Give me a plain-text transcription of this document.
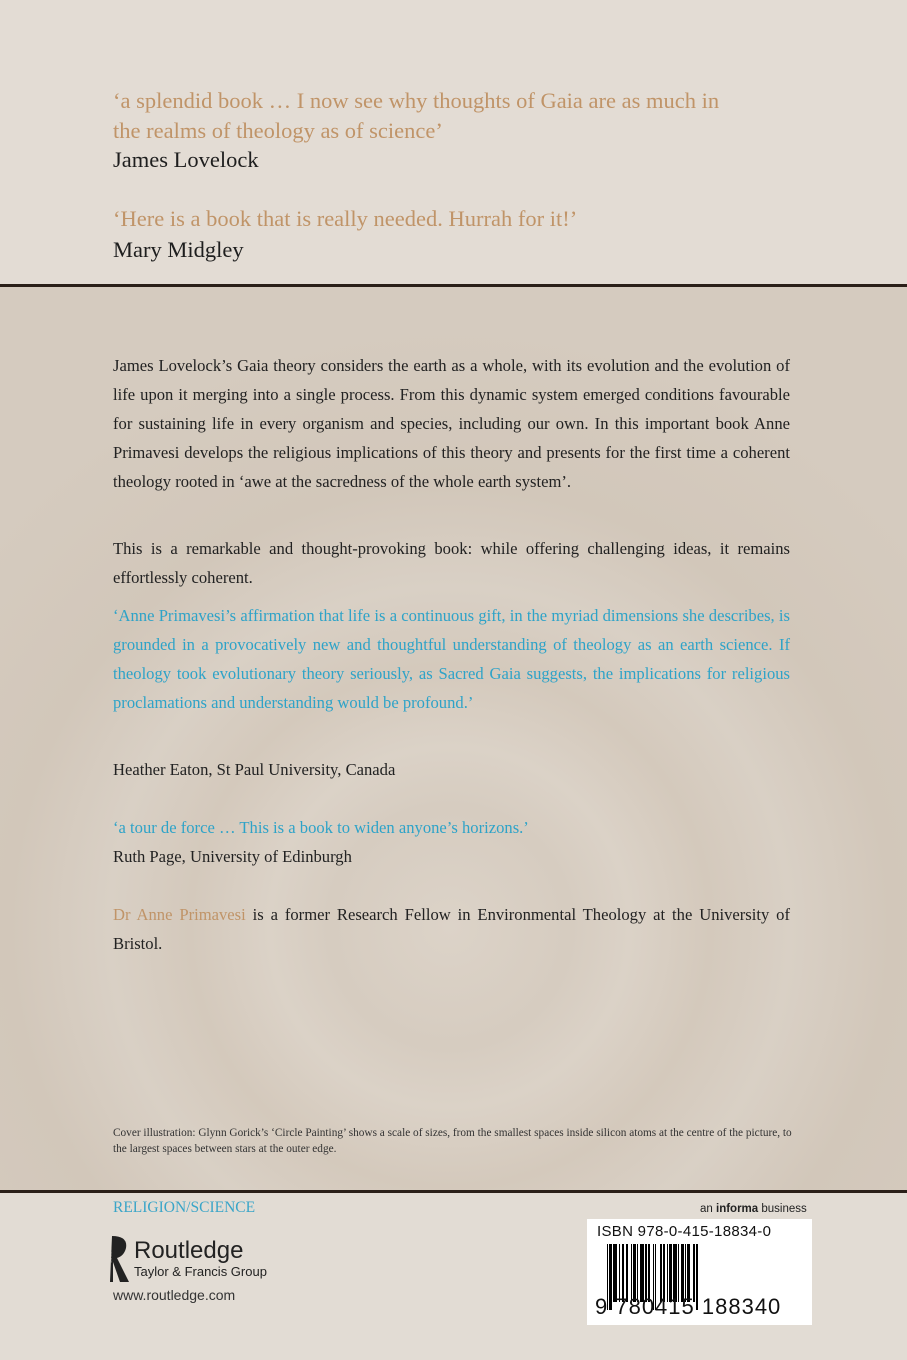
‘a splendid book … I now see why thoughts of Gaia are as much in
the realms of theology as of science’
James Lovelock
‘Here is a book that is really needed. Hurrah for it!’
Mary Midgley
James Lovelock’s Gaia theory considers the earth as a whole, with its evolution and the evolution of life upon it merging into a single process. From this dynamic system emerged conditions favourable for sustaining life in every organism and species, including our own. In this important book Anne Primavesi develops the religious implications of this theory and presents for the first time a coherent theology rooted in ‘awe at the sacredness of the whole earth system’.
This is a remarkable and thought-provoking book: while offering challenging ideas, it remains effortlessly coherent.
‘Anne Primavesi’s affirmation that life is a continuous gift, in the myriad dimensions she describes, is grounded in a provocatively new and thoughtful understanding of theology as an earth science. If theology took evolutionary theory seriously, as Sacred Gaia suggests, the implications for religious proclamations and understanding would be profound.’
Heather Eaton, St Paul University, Canada
‘a tour de force … This is a book to widen anyone’s horizons.’
Ruth Page, University of Edinburgh
Dr Anne Primavesi is a former Research Fellow in Environmental Theology at the University of Bristol.
Cover illustration: Glynn Gorick’s ‘Circle Painting’ shows a scale of sizes, from the smallest spaces inside silicon atoms at the centre of the picture, to the largest spaces between stars at the outer edge.
RELIGION/SCIENCE
ROUTLEDGE Routledge
Taylor & Francis Group
www.routledge.com
an informa business
ISBN 978-0-415-18834-0
9 780415 188340
